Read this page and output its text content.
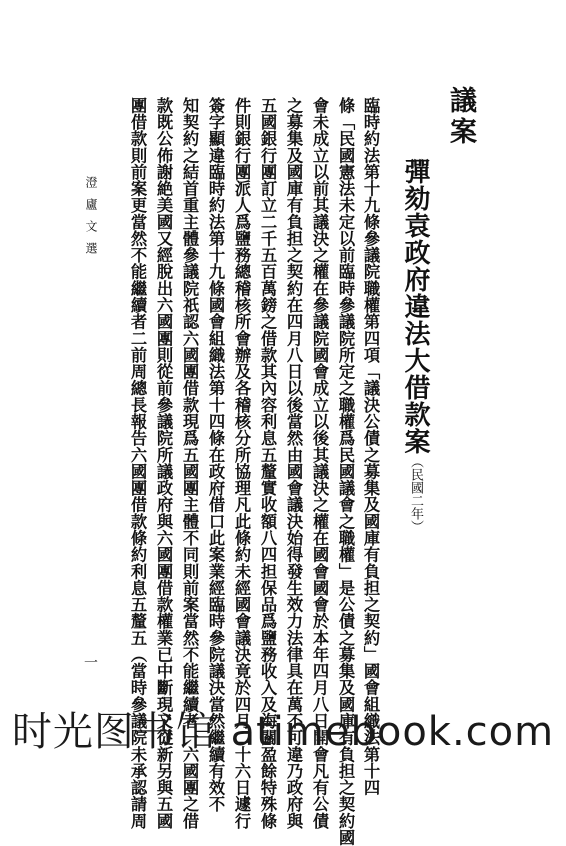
議案
彈劾袁政府違法大借款案（民國二年）
臨時約法第十九條參議院職權第四項「議決公債之募集及國庫有負担之契約」國會組織法第十四
條「民國憲法未定以前臨時參議院所定之職權爲民國議會之職權」是公債之募集及國庫有負担之契約國
會未成立以前其議決之權在參議院國會成立以後其議決之權在國會國會於本年四月八日開會凡有公債
之募集及國庫有負担之契約在四月八日以後當然由國會議決始得發生效力法律具在萬不可違乃政府與
五國銀行團訂立二千五百萬鎊之借款其內容利息五釐實收額八四担保品爲鹽務收入及海關盈餘特殊條
件則銀行團派人爲鹽務總稽核所會辦及各稽核分所協理凡此條約未經國會議決竟於四月二十六日遽行
簽字顯違臨時約法第十九條國會組織法第十四條在政府借口此案業經臨時參院議決當然繼續有效不
知契約之結首重主體參議院祇認六國團借款現爲五國團主體不同則前案當然不能繼續者一六國團之借
款既公佈謝絶美國又經脫出六國團則從前參議院所議政府與六國團借款權業已中斷現又從新另與五國
團借款則前案更當然不能繼續者二前周總長報告六國團借款條約利息五釐五（當時參議院未承認請周
澄廬文選
一
时光图书馆 atimebook.com
